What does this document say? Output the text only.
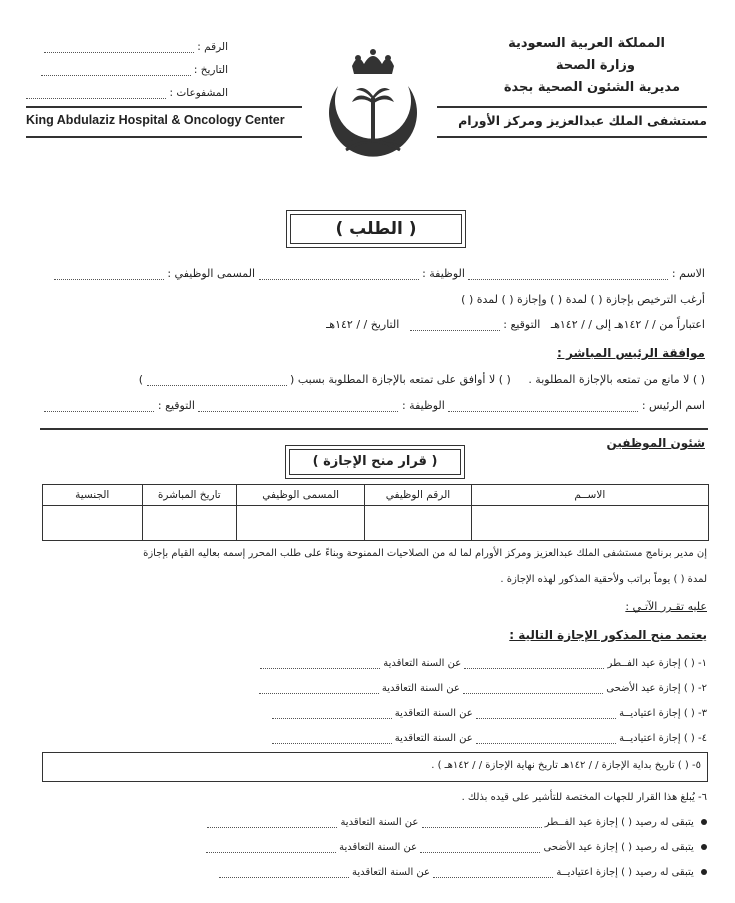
المملكة العربية السعودية
وزارة الصحة
مديرية الشئون الصحية بجدة
مستشفى الملك عبدالعزيز ومركز الأورام
الرقم :
التاريخ :
المشفوعات :
King Abdulaziz Hospital & Oncology Center
( الطلب )
الاسم :  الوظيفة :  المسمى الوظيفي :
أرغب الترخيص بإجازة ( ) لمدة ( ) وإجازة ( ) لمدة ( )
اعتباراً من / / ١٤٢هـ إلى / / ١٤٢هـ   التوقيع :    التاريخ / / ١٤٢هـ
موافقة الرئيس المباشر :
( ) لا مانع من تمتعه بالإجازة المطلوبة .     ( ) لا أوافق على تمتعه بالإجازة المطلوبة بسبب (  )
اسم الرئيس :  الوظيفة :  التوقيع :
شئون الموظفين
( قرار منح الإجازة )
الاســم	الرقم الوظيفي	المسمى الوظيفي	تاريخ المباشرة	الجنسية

إن مدير برنامج مستشفى الملك عبدالعزيز ومركز الأورام لما له من الصلاحيات الممنوحة وبناءً على طلب المحرر إسمه بعاليه القيام بإجازة
لمدة ( ) يوماً براتب ولأحقية المذكور لهذه الإجازة .
عليه تقـرر الآتـي :
يعتمد منح المذكور الإجازة التالية :
١- ( ) إجازة عيد الفــطر  عن السنة التعاقدية
٢- ( ) إجازة عيد الأضحى  عن السنة التعاقدية
٣- ( ) إجازة اعتياديــة  عن السنة التعاقدية
٤- ( ) إجازة اعتياديــة  عن السنة التعاقدية
٥- ( ) تاريخ بداية الإجازة / / ١٤٢هـ تاريخ نهاية الإجازة / / ١٤٢هـ ) .
٦- يُبلغ هذا القرار للجهات المختصة للتأشير على قيده بذلك .
يتبقى له رصيد ( ) إجازة عيد الفــطر  عن السنة التعاقدية
يتبقى له رصيد ( ) إجازة عيد الأضحى  عن السنة التعاقدية
يتبقى له رصيد ( ) إجازة اعتياديــة  عن السنة التعاقدية
